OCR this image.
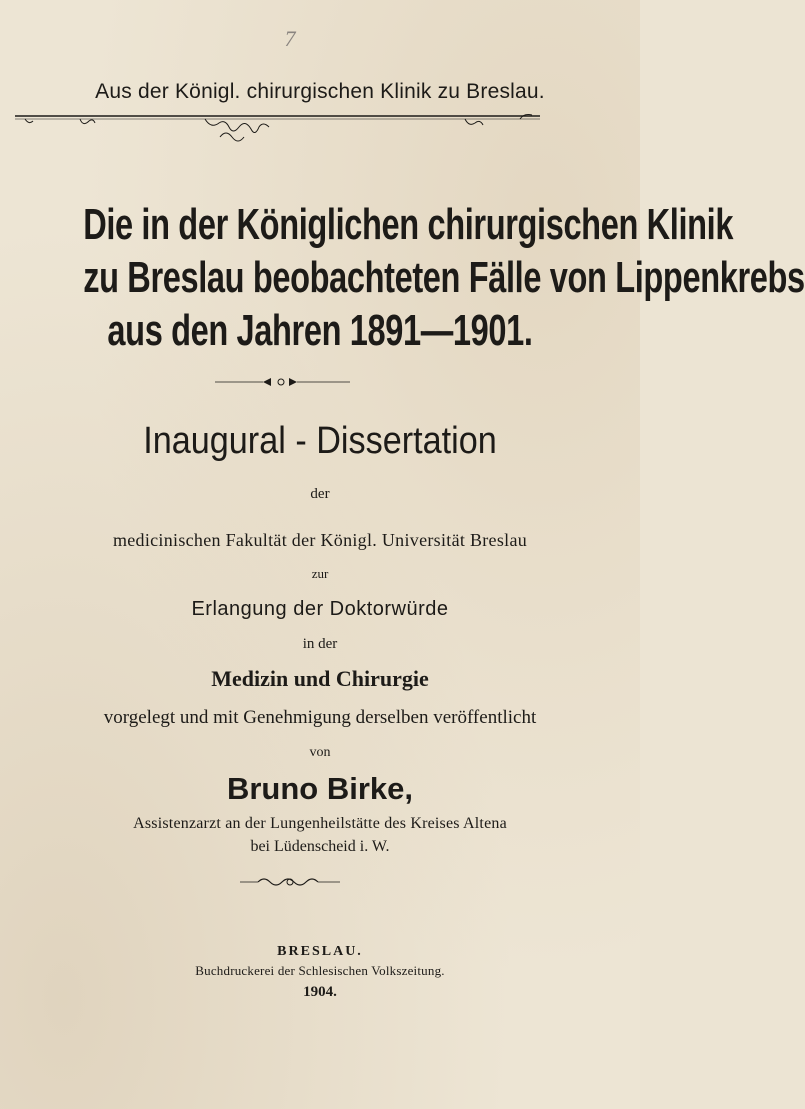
7
Aus der Königl. chirurgischen Klinik zu Breslau.
Die in der Königlichen chirurgischen Klinik
zu Breslau beobachteten Fälle von Lippenkrebs
aus den Jahren 1891—1901.
Inaugural - Dissertation
der
medicinischen Fakultät der Königl. Universität Breslau
zur
Erlangung der Doktorwürde
in der
Medizin und Chirurgie
vorgelegt und mit Genehmigung derselben veröffentlicht
von
Bruno Birke,
Assistenzarzt an der Lungenheilstätte des Kreises Altena
bei Lüdenscheid i. W.
BRESLAU.
Buchdruckerei der Schlesischen Volkszeitung.
1904.
